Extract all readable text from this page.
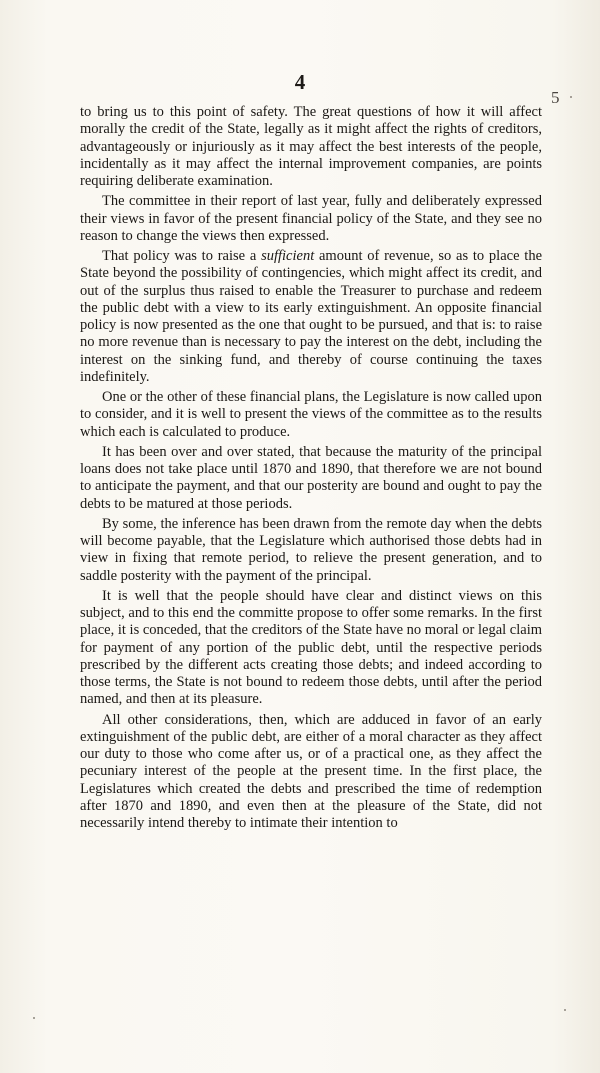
4
5

to bring us to this point of safety. The great questions of how it will affect morally the credit of the State, legally as it might affect the rights of creditors, advantageously or injuriously as it may affect the best interests of the people, incidentally as it may affect the internal improvement companies, are points requiring deliberate examination.

The committee in their report of last year, fully and deliberately expressed their views in favor of the present financial policy of the State, and they see no reason to change the views then expressed.

That policy was to raise a sufficient amount of revenue, so as to place the State beyond the possibility of contingencies, which might affect its credit, and out of the surplus thus raised to enable the Treasurer to purchase and redeem the public debt with a view to its early extinguishment. An opposite financial policy is now presented as the one that ought to be pursued, and that is: to raise no more revenue than is necessary to pay the interest on the debt, including the interest on the sinking fund, and thereby of course continuing the taxes indefinitely.

One or the other of these financial plans, the Legislature is now called upon to consider, and it is well to present the views of the committee as to the results which each is calculated to produce.

It has been over and over stated, that because the maturity of the principal loans does not take place until 1870 and 1890, that therefore we are not bound to anticipate the payment, and that our posterity are bound and ought to pay the debts to be matured at those periods.

By some, the inference has been drawn from the remote day when the debts will become payable, that the Legislature which authorised those debts had in view in fixing that remote period, to relieve the present generation, and to saddle posterity with the payment of the principal.

It is well that the people should have clear and distinct views on this subject, and to this end the committe propose to offer some remarks. In the first place, it is conceded, that the creditors of the State have no moral or legal claim for payment of any portion of the public debt, until the respective periods prescribed by the different acts creating those debts; and indeed according to those terms, the State is not bound to redeem those debts, until after the period named, and then at its pleasure.

All other considerations, then, which are adduced in favor of an early extinguishment of the public debt, are either of a moral character as they affect our duty to those who come after us, or of a practical one, as they affect the pecuniary interest of the people at the present time. In the first place, the Legislatures which created the debts and prescribed the time of redemption after 1870 and 1890, and even then at the pleasure of the State, did not necessarily intend thereby to intimate their intention to
